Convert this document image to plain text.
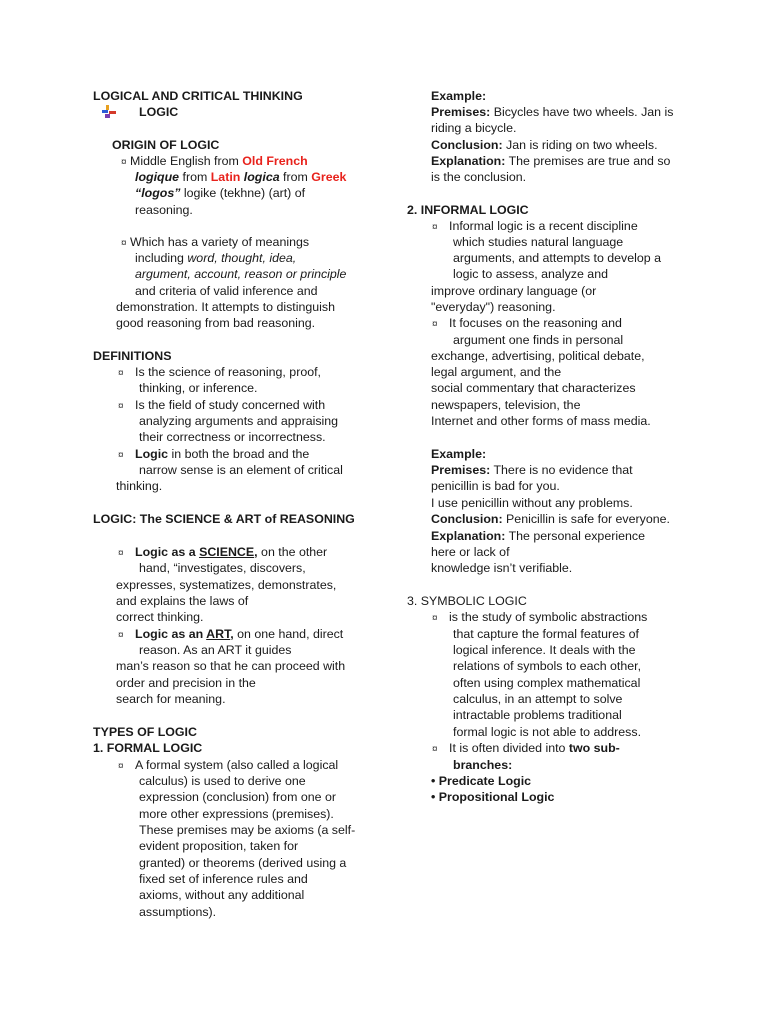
LOGICAL AND CRITICAL THINKING
LOGIC
ORIGIN OF LOGIC
¤ Middle English from Old French
logique from Latin logica from Greek
“logos” logike (tekhne) (art) of
reasoning.
¤ Which has a variety of meanings
including word, thought, idea,
argument, account, reason or principle
and criteria of valid inference and
demonstration. It attempts to distinguish
good reasoning from bad reasoning.
DEFINITIONS
¤ Is the science of reasoning, proof,
thinking, or inference.
¤ Is the field of study concerned with
analyzing arguments and appraising
their correctness or incorrectness.
¤ Logic in both the broad and the
narrow sense is an element of critical
thinking.
LOGIC: The SCIENCE & ART of REASONING
¤ Logic as a SCIENCE, on the other
hand, “investigates, discovers,
expresses, systematizes, demonstrates,
and explains the laws of
correct thinking.
¤ Logic as an ART, on one hand, direct
reason. As an ART it guides
man’s reason so that he can proceed with
order and precision in the
search for meaning.
TYPES OF LOGIC
1. FORMAL LOGIC
¤ A formal system (also called a logical
calculus) is used to derive one
expression (conclusion) from one or
more other expressions (premises).
These premises may be axioms (a self-
evident proposition, taken for
granted) or theorems (derived using a
fixed set of inference rules and
axioms, without any additional
assumptions).
Example:
Premises: Bicycles have two wheels. Jan is
riding a bicycle.
Conclusion: Jan is riding on two wheels.
Explanation: The premises are true and so
is the conclusion.
2. INFORMAL LOGIC
¤ Informal logic is a recent discipline
which studies natural language
arguments, and attempts to develop a
logic to assess, analyze and
improve ordinary language (or
"everyday") reasoning.
¤ It focuses on the reasoning and
argument one finds in personal
exchange, advertising, political debate,
legal argument, and the
social commentary that characterizes
newspapers, television, the
Internet and other forms of mass media.
Example:
Premises: There is no evidence that
penicillin is bad for you.
I use penicillin without any problems.
Conclusion: Penicillin is safe for everyone.
Explanation: The personal experience
here or lack of
knowledge isn’t verifiable.
3. SYMBOLIC LOGIC
¤ is the study of symbolic abstractions
that capture the formal features of
logical inference. It deals with the
relations of symbols to each other,
often using complex mathematical
calculus, in an attempt to solve
intractable problems traditional
formal logic is not able to address.
¤ It is often divided into two sub-
branches:
• Predicate Logic
• Propositional Logic
